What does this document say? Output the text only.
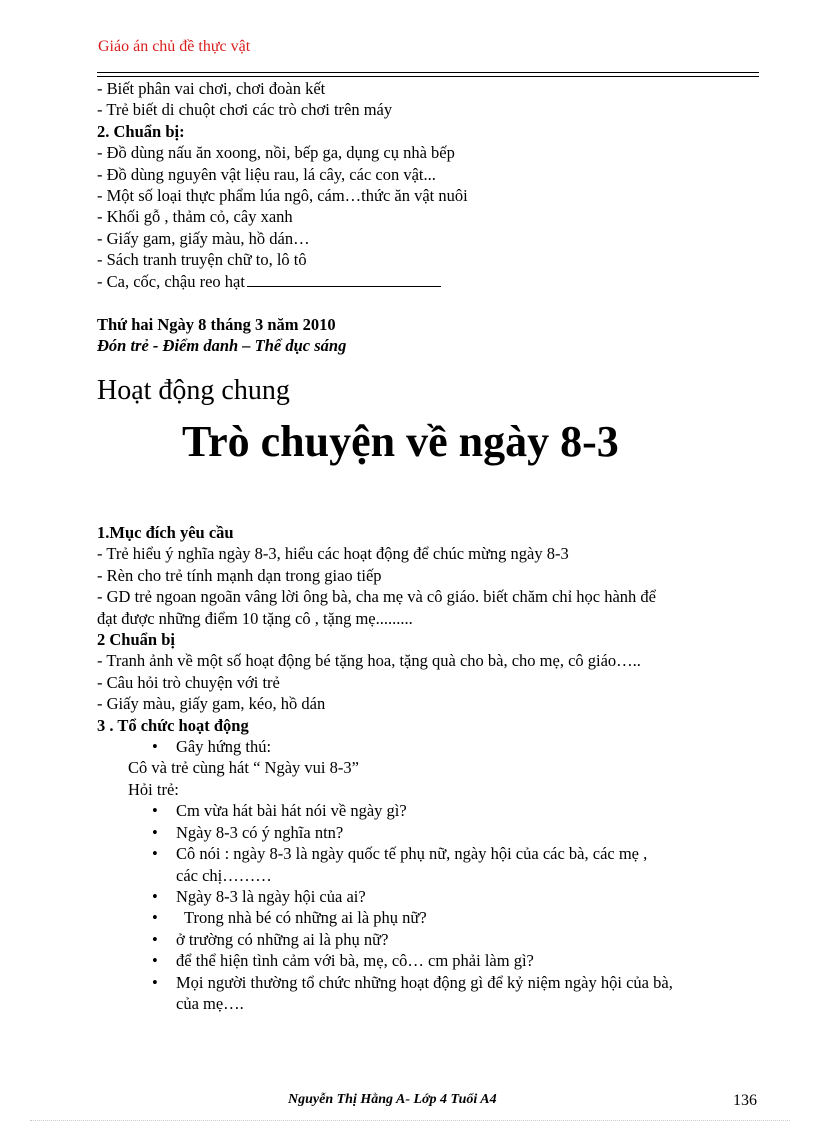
Giáo án chủ đề thực vật
- Biết phân vai chơi, chơi đoàn kết
- Trẻ biết di chuột chơi các trò chơi trên máy
2. Chuẩn bị:
- Đồ dùng nấu ăn xoong, nồi, bếp ga, dụng cụ nhà bếp
- Đồ dùng nguyên vật liệu rau, lá cây, các con vật...
- Một số loại thực phẩm lúa ngô, cám…thức ăn vật nuôi
- Khối gỗ , thảm cỏ, cây xanh
- Giấy gam, giấy màu, hồ dán…
- Sách tranh truyện chữ to, lô tô
- Ca, cốc, chậu reo hạt
Thứ hai Ngày 8 tháng 3 năm 2010
Đón trẻ - Điểm danh – Thể dục sáng
Hoạt động chung
Trò chuyện về ngày 8-3
1.Mục đích yêu cầu
- Trẻ hiểu ý nghĩa ngày 8-3, hiểu các hoạt động để chúc mừng ngày 8-3
- Rèn cho trẻ tính mạnh dạn trong giao tiếp
- GD trẻ ngoan ngoãn vâng lời ông bà, cha mẹ và cô giáo. biết chăm chỉ học hành để
đạt được những điểm 10 tặng cô , tặng mẹ.........
2 Chuẩn bị
- Tranh ảnh về một số hoạt động bé tặng hoa, tặng quà cho bà, cho mẹ, cô giáo…..
- Câu hỏi trò chuyện với trẻ
- Giấy màu, giấy gam, kéo, hồ dán
3 . Tổ chức hoạt động
• Gây hứng thú:
Cô và trẻ cùng hát “ Ngày vui 8-3”
Hỏi trẻ:
• Cm vừa hát bài hát nói về ngày gì?
• Ngày 8-3 có ý nghĩa ntn?
• Cô nói : ngày 8-3 là ngày quốc tế phụ nữ, ngày hội của các bà, các mẹ ,
các chị………
• Ngày 8-3 là ngày hội của ai?
•   Trong nhà bé có những ai là phụ nữ?
• ở trường có những ai là phụ nữ?
• để thể hiện tình cảm với bà, mẹ, cô… cm phải làm gì?
• Mọi người thường tổ chức những hoạt động gì để kỷ niệm ngày hội của bà,
của mẹ….
Nguyễn Thị Hằng A- Lớp 4 Tuổi A4	136
